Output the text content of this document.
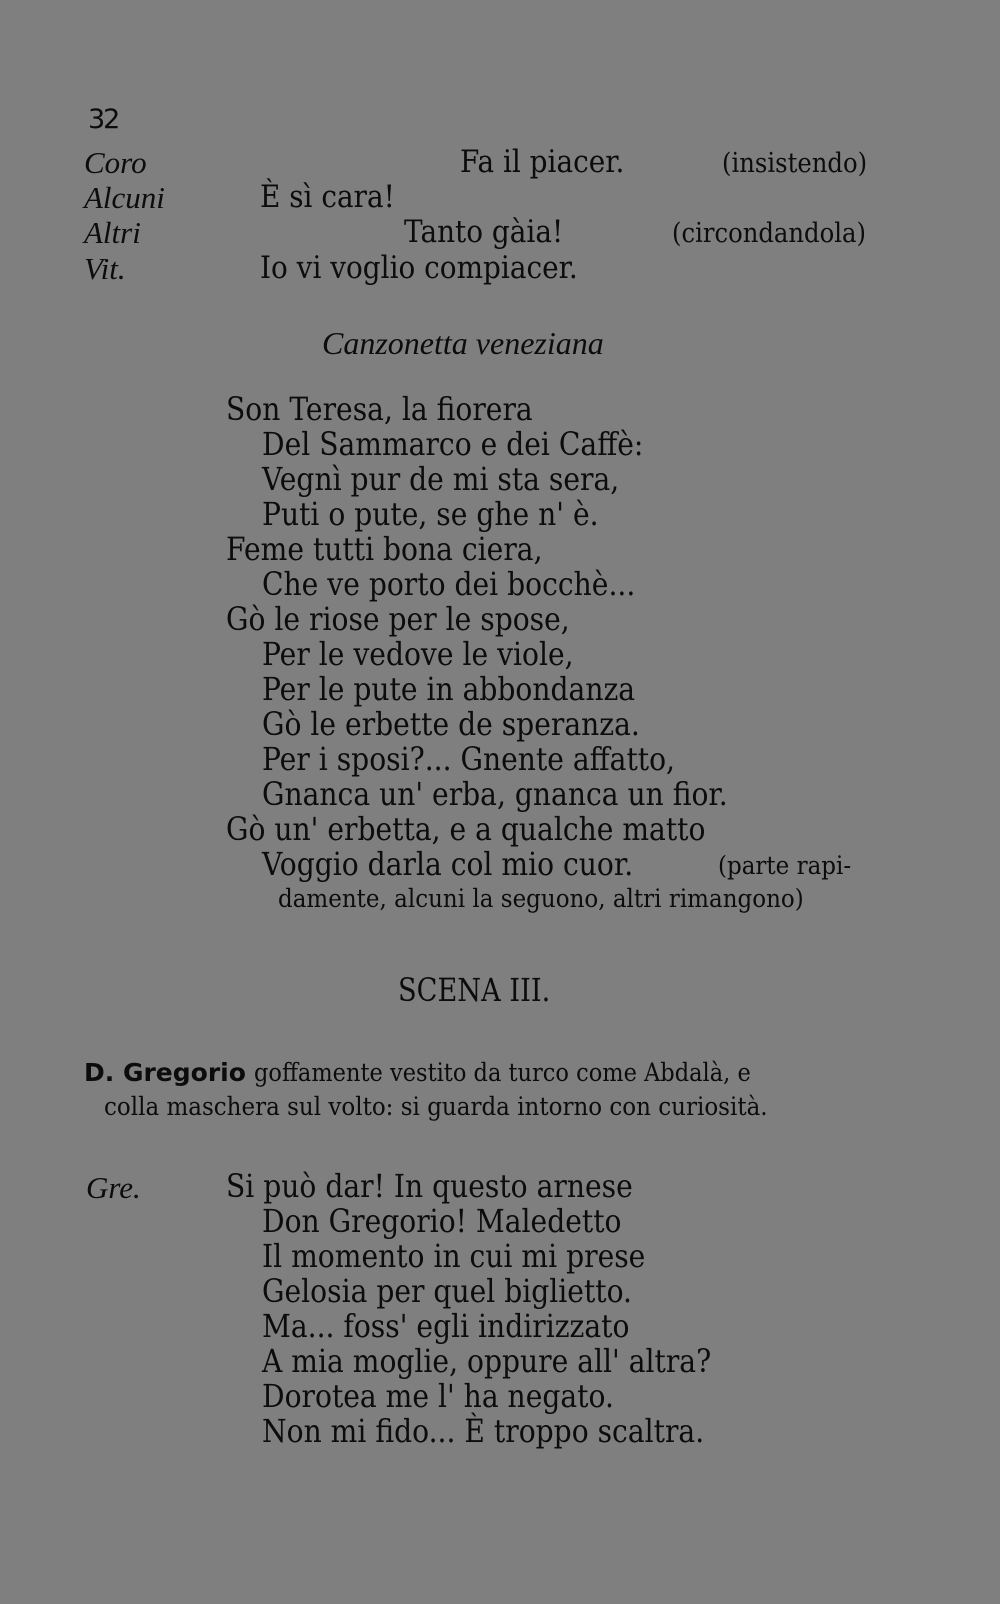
32
Coro	Fa il piacer.	(insistendo)
Alcuni	È sì cara!
Altri	Tanto gàia!	(circondandola)
Vit.	Io vi voglio compiacer.
Canzonetta veneziana
Son Teresa, la fiorera
Del Sammarco e dei Caffè:
Vegnì pur de mi sta sera,
Puti o pute, se ghe n' è.
Feme tutti bona ciera,
Che ve porto dei bocchè...
Gò le riose per le spose,
Per le vedove le viole,
Per le pute in abbondanza
Gò le erbette de speranza.
Per i sposi?... Gnente affatto,
Gnanca un' erba, gnanca un fior.
Gò un' erbetta, e a qualche matto
Voggio darla col mio cuor.	(parte rapi-
damente, alcuni la seguono, altri rimangono)
SCENA III.
D. Gregorio goffamente vestito da turco come Abdalà, e
colla maschera sul volto: si guarda intorno con curiosità.
Gre.	Si può dar! In questo arnese
Don Gregorio! Maledetto
Il momento in cui mi prese
Gelosia per quel biglietto.
Ma... foss' egli indirizzato
A mia moglie, oppure all' altra?
Dorotea me l' ha negato.
Non mi fido... È troppo scaltra.
